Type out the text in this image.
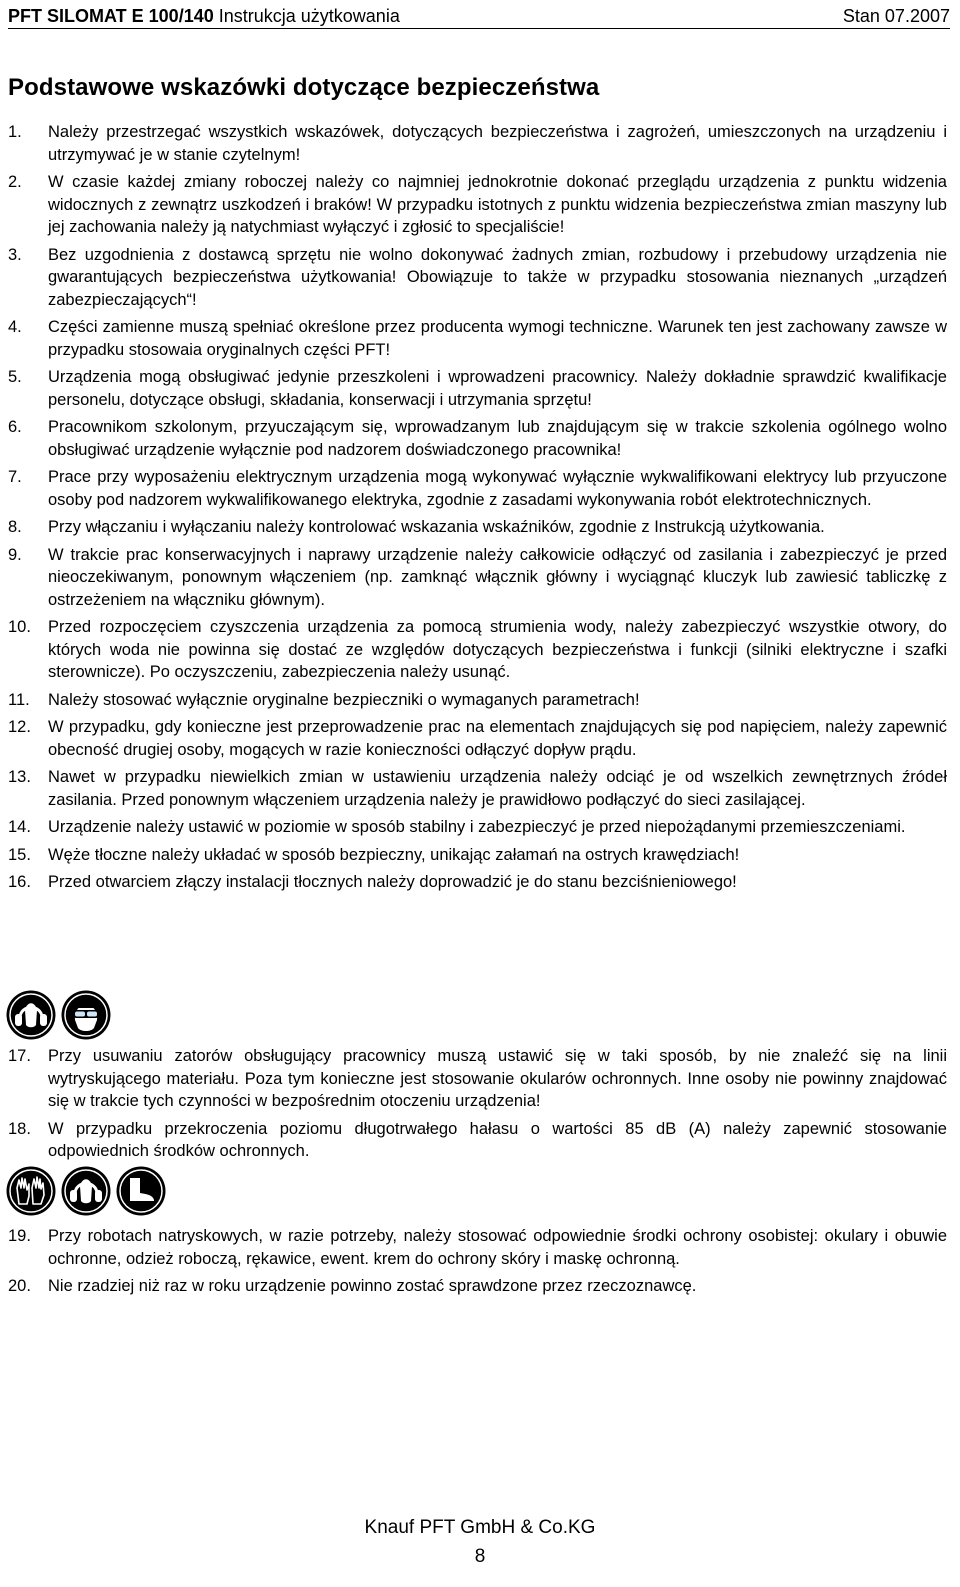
PFT SILOMAT E 100/140 Instrukcja użytkowania	Stan 07.2007
Podstawowe wskazówki dotyczące bezpieczeństwa
1. Należy przestrzegać wszystkich wskazówek, dotyczących bezpieczeństwa i zagrożeń, umieszczonych na urządzeniu i utrzymywać je w stanie czytelnym!
2. W czasie każdej zmiany roboczej należy co najmniej jednokrotnie dokonać przeglądu urządzenia z punktu widzenia widocznych z zewnątrz uszkodzeń i braków! W przypadku istotnych z punktu widzenia bezpieczeństwa zmian maszyny lub jej zachowania należy ją natychmiast wyłączyć i zgłosić to specjaliście!
3. Bez uzgodnienia z dostawcą sprzętu nie wolno dokonywać żadnych zmian, rozbudowy i przebudowy urządzenia nie gwarantujących bezpieczeństwa użytkowania! Obowiązuje to także w przypadku stosowania nieznanych „urządzeń zabezpieczających“!
4. Części zamienne muszą spełniać określone przez producenta wymogi techniczne. Warunek ten jest zachowany zawsze w przypadku stosowaia oryginalnych części PFT!
5. Urządzenia mogą obsługiwać jedynie przeszkoleni i wprowadzeni pracownicy. Należy dokładnie sprawdzić kwalifikacje personelu, dotyczące obsługi, składania, konserwacji i utrzymania sprzętu!
6. Pracownikom szkolonym, przyuczającym się, wprowadzanym lub znajdującym się w trakcie szkolenia ogólnego wolno obsługiwać urządzenie wyłącznie pod nadzorem doświadczonego pracownika!
7. Prace przy wyposażeniu elektrycznym urządzenia mogą wykonywać wyłącznie wykwalifikowani elektrycy lub przyuczone osoby pod nadzorem wykwalifikowanego elektryka, zgodnie z zasadami wykonywania robót elektrotechnicznych.
8. Przy włączaniu i wyłączaniu należy kontrolować wskazania wskaźników, zgodnie z Instrukcją użytkowania.
9. W trakcie prac konserwacyjnych i naprawy urządzenie należy całkowicie odłączyć od zasilania i zabezpieczyć je przed nieoczekiwanym, ponownym włączeniem (np. zamknąć włącznik główny i wyciągnąć kluczyk lub zawiesić tabliczkę z ostrzeżeniem na włączniku głównym).
10. Przed rozpoczęciem czyszczenia urządzenia za pomocą strumienia wody, należy zabezpieczyć wszystkie otwory, do których woda nie powinna się dostać ze względów dotyczących bezpieczeństwa i funkcji (silniki elektryczne i szafki sterownicze). Po oczyszczeniu, zabezpieczenia należy usunąć.
11. Należy stosować wyłącznie oryginalne bezpieczniki o wymaganych parametrach!
12. W przypadku, gdy konieczne jest przeprowadzenie prac na elementach znajdujących się pod napięciem, należy zapewnić obecność drugiej osoby, mogących w razie konieczności odłączyć dopływ prądu.
13. Nawet w przypadku niewielkich zmian w ustawieniu urządzenia należy odciąć je od wszelkich zewnętrznych źródeł zasilania. Przed ponownym włączeniem urządzenia należy je prawidłowo podłączyć do sieci zasilającej.
14. Urządzenie należy ustawić w poziomie w sposób stabilny i zabezpieczyć je przed niepożądanymi przemieszczeniami.
15. Węże tłoczne należy układać w sposób bezpieczny, unikając załamań na ostrych krawędziach!
16. Przed otwarciem złączy instalacji tłocznych należy doprowadzić je do stanu bezciśnieniowego!
17. Przy usuwaniu zatorów obsługujący pracownicy muszą ustawić się w taki sposób, by nie znaleźć się na linii wytryskującego materiału. Poza tym konieczne jest stosowanie okularów ochronnych. Inne osoby nie powinny znajdować się w trakcie tych czynności w bezpośrednim otoczeniu urządzenia!
18. W przypadku przekroczenia poziomu długotrwałego hałasu o wartości 85 dB (A) należy zapewnić stosowanie odpowiednich środków ochronnych.
19. Przy robotach natryskowych, w razie potrzeby, należy stosować odpowiednie środki ochrony osobistej: okulary i obuwie ochronne, odzież roboczą, rękawice, ewent. krem do ochrony skóry i maskę ochronną.
20. Nie rzadziej niż raz w roku urządzenie powinno zostać sprawdzone przez rzeczoznawcę.
Knauf PFT GmbH & Co.KG
8
